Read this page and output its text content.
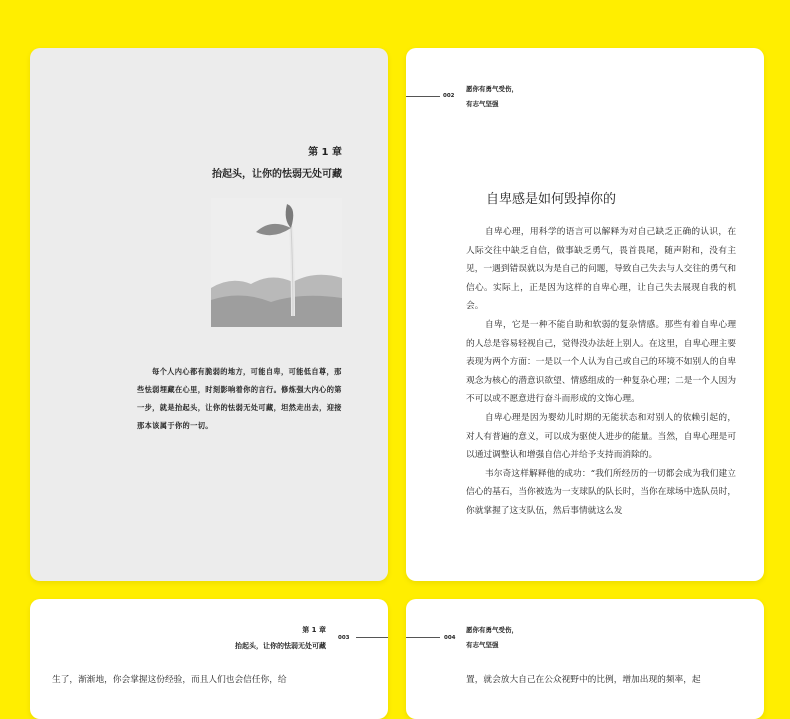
第 1 章
抬起头，让你的怯弱无处可藏

每个人内心都有脆弱的地方，可能自卑，可能低自尊，那些怯弱埋藏在心里，时刻影响着你的言行。修炼强大内心的第一步，就是抬起头，让你的怯弱无处可藏，坦然走出去，迎接那本该属于你的一切。

002
愿你有勇气受伤，
有志气坚强
自卑感是如何毁掉你的

自卑心理，用科学的语言可以解释为对自己缺乏正确的认识，在人际交往中缺乏自信，做事缺乏勇气，畏首畏尾，随声附和，没有主见，一遇到错误就以为是自己的问题，导致自己失去与人交往的勇气和信心。实际上，正是因为这样的自卑心理，让自己失去展现自我的机会。

自卑，它是一种不能自助和软弱的复杂情感。那些有着自卑心理的人总是容易轻视自己，觉得没办法赶上别人。在这里，自卑心理主要表现为两个方面：一是以一个人认为自己或自己的环境不如别人的自卑观念为核心的潜意识欲望、情感组成的一种复杂心理；二是一个人因为不可以或不愿意进行奋斗而形成的文饰心理。

自卑心理是因为婴幼儿时期的无能状态和对别人的依赖引起的，对人有普遍的意义，可以成为驱使人进步的能量。当然，自卑心理是可以通过调整认和增强自信心并给予支持而消除的。

韦尔奇这样解释他的成功：“我们所经历的一切都会成为我们建立信心的基石，当你被选为一支球队的队长时，当你在球场中选队员时，你就掌握了这支队伍，然后事情就这么发

第 1 章
抬起头，让你的怯弱无处可藏
003
生了，渐渐地，你会掌握这份经验，而且人们也会信任你，给
004
愿你有勇气受伤，
有志气坚强
置，就会放大自己在公众视野中的比例，增加出现的频率，起
